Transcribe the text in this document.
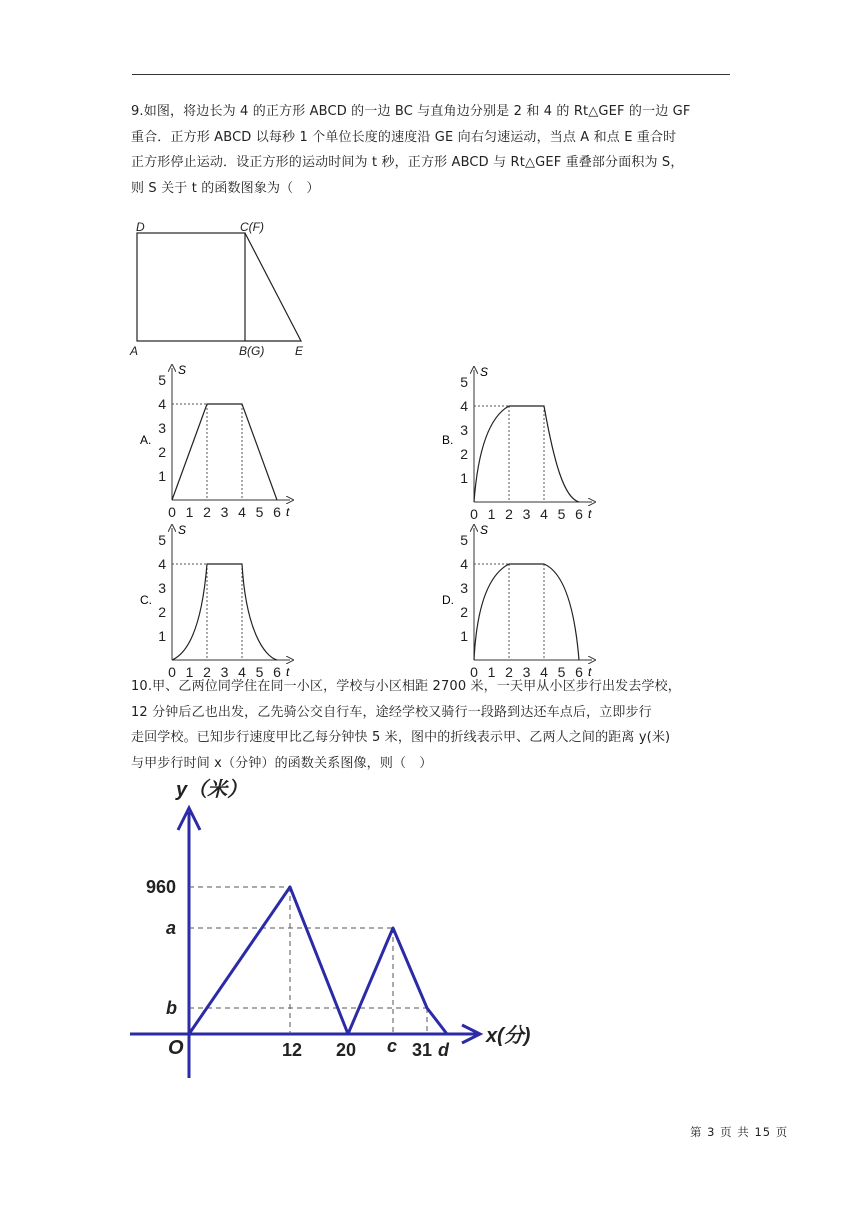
9.如图，将边长为 4 的正方形 ABCD 的一边 BC 与直角边分别是 2 和 4 的 Rt△GEF 的一边 GF
重合．正方形 ABCD 以每秒 1 个单位长度的速度沿 GE 向右匀速运动，当点 A 和点 E 重合时
正方形停止运动．设正方形的运动时间为 t 秒，正方形 ABCD 与 Rt△GEF 重叠部分面积为 S，
则 S 关于 t 的函数图象为（　）
D	C(F)
A	B(G)	E
A.
S
t
1
2
3
4
5
0 1 2 3 4 5 6
B.
S
t
1
2
3
4
5
0 1 2 3 4 5 6
C.
S
t
1
2
3
4
5
0 1 2 3 4 5 6
D.
S
t
1
2
3
4
5
0 1 2 3 4 5 6
y（米）
x(分)
O
960
a
b
12 20 c 31 d
10.甲、乙两位同学住在同一小区，学校与小区相距 2700 米，一天甲从小区步行出发去学校，
12 分钟后乙也出发，乙先骑公交自行车，途经学校又骑行一段路到达还车点后，立即步行
走回学校。已知步行速度甲比乙每分钟快 5 米，图中的折线表示甲、乙两人之间的距离 y(米)
与甲步行时间 x（分钟）的函数关系图像，则（　）
第 3 页 共 15 页
